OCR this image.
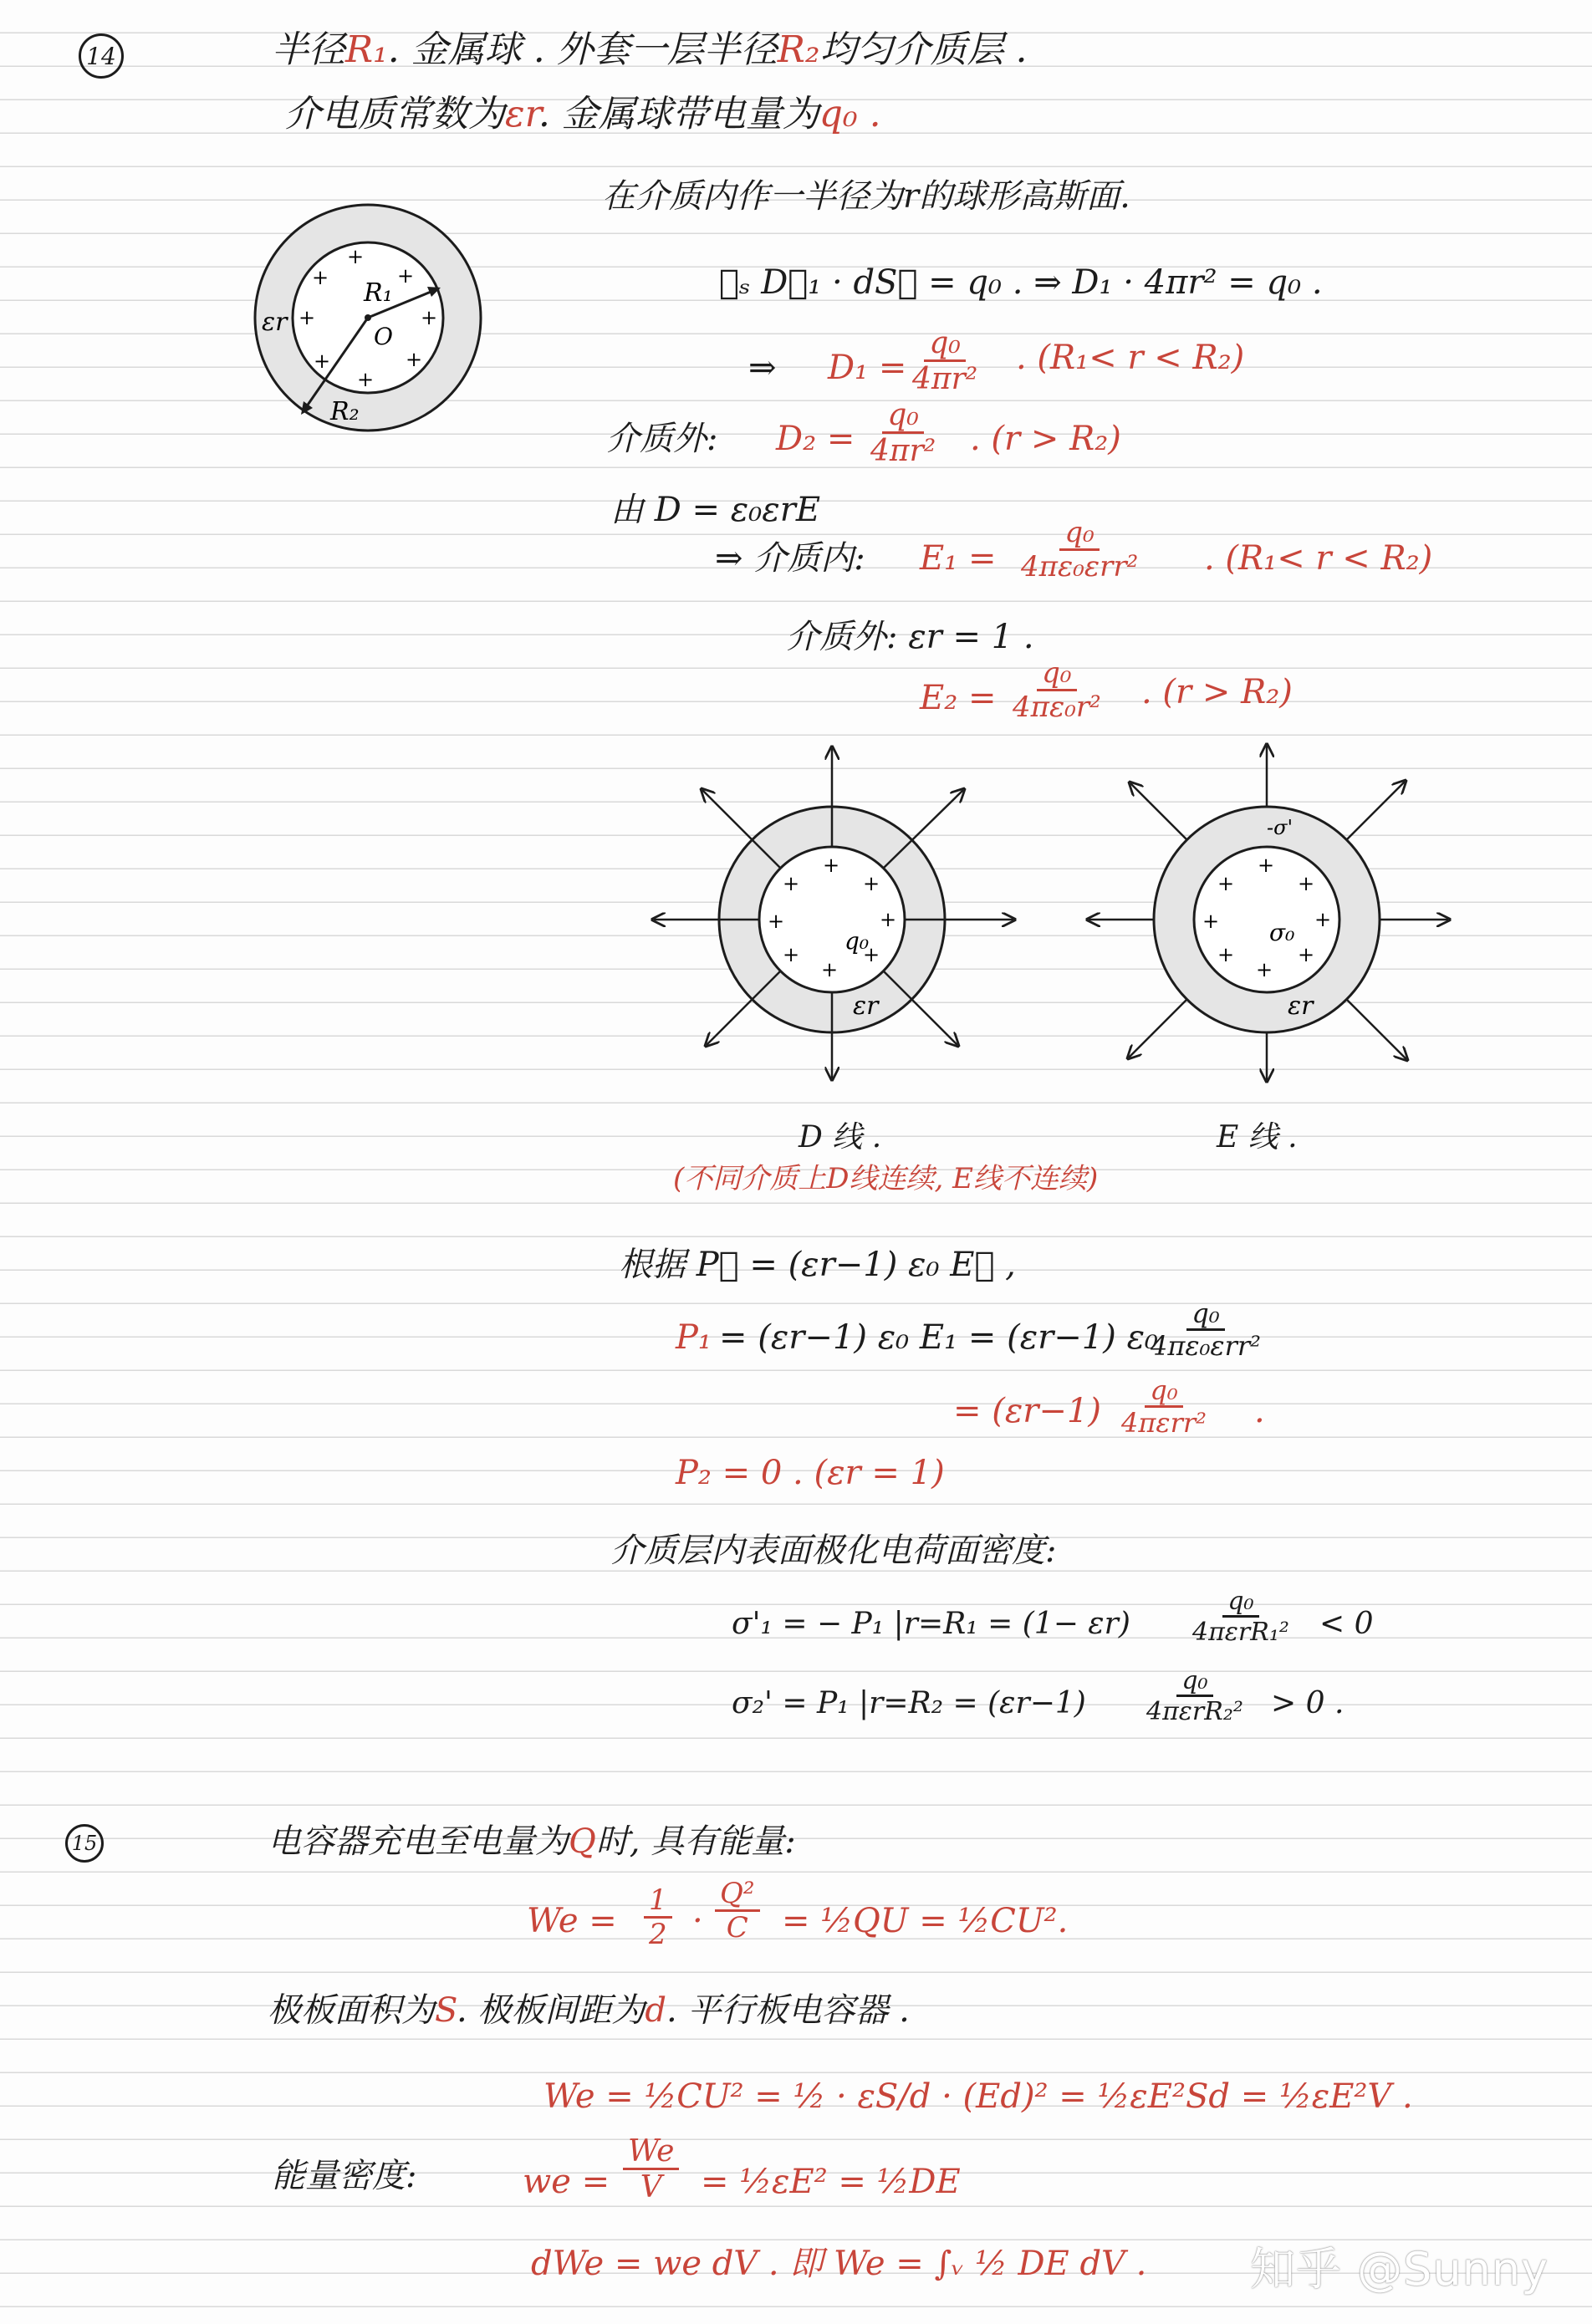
14	半径R₁. 金属球 . 外套一层半径R₂均匀介质层 .
介电质常数为εr. 金属球带电量为q₀ .
εr
R₁
R₂
O
+
+
+
+
+
+	+
+
在介质内作一半径为r的球形高斯面.
∮ₛ D⃗₁ · dS⃗ = q₀ . ⇒ D₁ · 4πr² = q₀ .
⇒ $D_1 = \frac{\text{q₀}}{\text{4πr²}}$ . (R₁< r < R₂)
介质外: $D_2 = \frac{\text{q₀}}{\text{4πr²}}$ . (r > R₂)
由 D = ε₀εrE
⇒ 介质内: E₁ =
q₀
4πε₀εrr² . (R₁< r < R₂)
介质外: εr = 1 .
$E_2 = \frac{\text{q₀}}{\text{4πε₀r²}}$ . (r > R₂)
+
+	+
+	+
+
+
+
q₀
εr
D 线 .
+
+	+
+	+
+
+
+
-σ'
σ₀
εr
E 线 .
(不同介质上D线连续, E线不连续)
根据 P⃗ = (εr−1) ε₀ E⃗ ,
P₁ = (εr−1) ε₀ E₁ = (εr−1) ε₀
q₀
4πε₀εrr²
= (εr−1)
q₀
4πεrr² .
P₂ = 0 . (εr = 1)
介质层内表面极化电荷面密度:
σ'₁ = − P₁ |r=R₁ = (1− εr)
q₀
4πεrR₁² < 0
σ₂' = P₁ |r=R₂ = (εr−1)
q₀
4πεrR₂² > 0 .
15	电容器充电至电量为Q时, 具有能量:
$We = \frac{1}{2} \cdot \frac{\text{Q²}}{C}$ = ½QU = ½CU².
极板面积为S. 极板间距为d. 平行板电容器 .
We = ½CU² = ½ · εS/d · (Ed)² = ½εE²Sd = ½εE²V .
能量密度:	we = $\frac{We}{V}$ = ½εE² = ½DE
dWe = we dV . 即 We = ∫ᵥ ½ DE dV . 知乎 @Sunny
